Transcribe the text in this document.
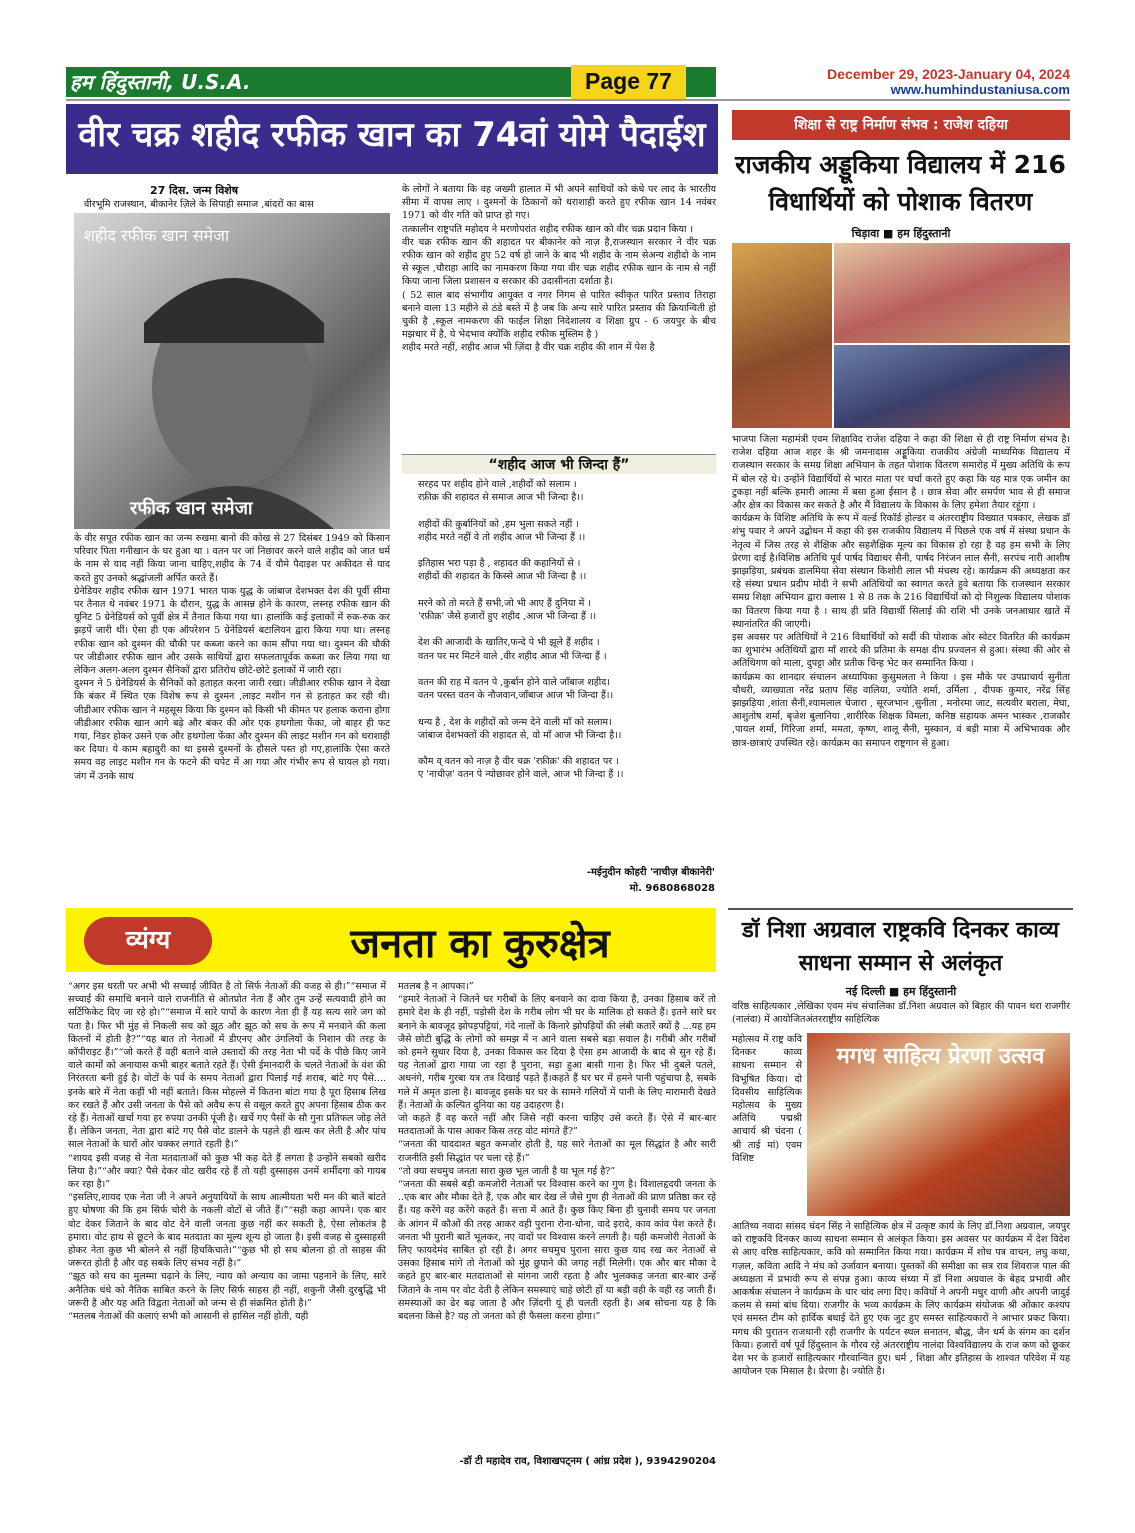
हम हिंदुस्तानी, U.S.A.	Page 77	December 29, 2023-January 04, 2024
www.humhindustaniusa.com
वीर चक्र शहीद रफीक खान का 74वां योमे पैदाईश
27 दिस. जन्म विशेष
वीरभूमि राजस्थान, बीकानेर ज़िले के सिपाही समाज ,बांदरों का बास
शहीद रफीक खान समेजा
रफीक खान समेजा
के वीर सपूत रफीक खान का जन्म रुखमा बानो की कोख से 27 दिसंबर 1949 को किसान परिवार पिता गनीखान के घर हुआ था । वतन पर जां निछावर करने वाले शहीद को जात धर्म के नाम से याद नहीं किया जाना चाहिए,शहीद के 74 वें यौमे पैदाइश पर अकीदत से याद करते हुए उनको श्रद्धांजली अर्पित करते हैं।
ग्रेनेडियर शहीद रफीक खान 1971 भारत पाक युद्ध के जांबाज देशभक्त देश की पूर्वी सीमा पर तैनात थे नवंबर 1971 के दौरान, युद्ध के आसन्न होने के कारण, लस्नह रफीक खान की यूनिट 5 ग्रेनेडियर्स को पूर्वी क्षेत्र में तैनात किया गया था। हालांकि कई इलाकों में रुक-रुक कर झड़पें जारी थीं। ऐसा ही एक ऑपरेशन 5 ग्रेनेडियर्स बटालियन द्वारा किया गया था। लस्नह रफीक खान को दुश्मन की चौकी पर कब्जा करने का काम सौंपा गया था। दुश्मन की चौकी पर जीडीआर रफीक खान और उसके साथियों द्वारा सफलतापूर्वक कब्जा कर लिया गया था लेकिन अलग-अलग दुश्मन सैनिकों द्वारा प्रतिरोध छोटे-छोटे इलाकों में जारी रहा।
दुश्मन ने 5 ग्रेनेडियर्स के सैनिकों को हताहत करना जारी रखा। जीडीआर रफीक खान ने देखा कि बंकर में स्थित एक विशेष रूप से दुश्मन ,लाइट मशीन गन से हताहत कर रही थी। जीडीआर रफीक खान ने महसूस किया कि दुश्मन को किसी भी कीमत पर हलाक कराना होगा जीडीआर रफीक खान आगे बढ़े और बंकर की ओर एक हथगोला फेंका, जो बाहर ही फट गया, निडर होकर उसने एक और हथगोला फेंका और दुश्मन की लाइट मशीन गन को धराशाही कर दिया। ये काम बहादुरी का था इससे दुश्मनों के हौसले पस्त हो गए,हालांकि ऐसा करते समय वह लाइट मशीन गन के फटने की चपेट में आ गया और गंभीर रूप से घायल हो गया। जंग में उनके साथ
के लोगों ने बताया कि वह जख्मी हालात में भी अपने साथियों को कंधे पर लाद के भारतीय सीमा में वापस लाए । दुश्मनों के ठिकानों को धराशाही करते हुए रफीक खान 14 नवंबर 1971 को वीर गति को प्राप्त हो गए।
तत्कालीन राष्ट्रपति महोदय ने मरणोपरांत शहीद रफीक खान को वीर चक्र प्रदान किया ।
वीर चक्र रफीक खान की शहादत पर बीकानेर को नाज़ है,राजस्थान सरकार ने वीर चक्र रफीक खान को शहीद हुए 52 वर्ष हो जाने के बाद भी शहीद के नाम सेअन्य शहीदो के नाम से स्कूल ,चौराहा आदि का नामकरण किया गया वीर चक्र शहीद रफीक खान के नाम से नहीं किया जाना जिला प्रशासन व सरकार की उदासीनता दर्शाता है।
( 52 साल बाद संभागीय आयुक्त व नगर निगम से पारित स्वीकृत पारित प्रस्ताव तिराहा बनाने वाला 13 महीने से ठंडे बस्ते में है जब कि अन्य सारे पारित प्रस्ताव की क्रियान्विती हो चुकी है ,स्कूल नामकरण की फाईल शिक्षा निदेशालय व शिक्षा ग्रुप - 6 जयपुर के बीच मझधार में है, ये भेदभाव क्योंकि शहीद रफीक मुस्लिम है )
शहीद मरते नहीं, शहीद आज भी ज़िंदा है वीर चक्र शहीद की शान में पेश है
“शहीद आज भी जिन्दा हैं”
सरहद पर शहीद होने वाले ,शहीदों को सलाम ।
रफ़ीक़ की शहादत से समाज आज भी जिन्दा है।।

शहीदों की कुर्बानियों को ,हम भुला सकते नहीं ।
शहीद मरते नहीं वे तो शहीद आज भी जिन्दा हैं ।।

इतिहास भरा पड़ा है , शहादत की कहानियों से ।
शहीदों की शहादत के किस्से आज भी जिन्दा है ।।

मरने को तो मरते हैं सभी,जो भी आए हैं दुनिया में ।
'रफ़ीक़' जैसे हजारों हुए शहीद ,आज भी जिन्दा हैं ।।

देश की आजादी के खातिर,फन्दे पे भी झूले हैं शहीद ।
वतन पर मर मिटने वाले ,वीर शहीद आज भी जिन्दा हैं ।

वतन की राह में वतन पे ,कुर्बान होने वाले जाँबाज शहीद।
वतन परस्त वतन के नौजवान,जाँबाज आज भी जिन्दा हैं।।

धन्य है , देश के शहीदों को जन्म देने वाली माँ को सलाम।
जांबाज देशभक्तों की शहादत से, वो माँ आज भी जिन्दा है।।

कौम व् वतन को नाज़ है वीर चक्र 'रफ़ीक़' की शहादत पर ।
ए 'नाचीज़' वतन पे न्योछावर होने वाले, आज भी जिन्दा हैं ।।
-मईनुदीन कोहरी 'नाचीज़ बीकानेरी'
मो. 9680868028
शिक्षा से राष्ट्र निर्माण संभव : राजेश दहिया
राजकीय अड्डूकिया विद्यालय में 216 विधार्थियों को पोशाक वितरण
चिड़ावा ■ हम हिंदुस्तानी
भाजपा जिला महामंत्री एवम शिक्षाविद राजेश दहिया ने कहा की शिक्षा से ही राष्ट्र निर्माण संभव है। राजेश दहिया आज शहर के श्री जमनादास अड्डूकिया राजकीय अंग्रेजी माध्यमिक विद्यालय में राजस्थान सरकार के समग्र शिक्षा अभियान के तहत पोशाक वितरण समारोह में मुख्य अतिथि के रूप में बोल रहे थे। उन्होंने विद्यार्थियों से भारत माता पर चर्चा करते हुए कहा कि यह मात्र एक जमीन का टुकड़ा नहीं बल्कि हमारी आत्मा में बसा हुआ ईसान है । छात्र सेवा और समर्पण भाव से ही समाज और क्षेत्र का विकास कर सकते है और मैं विद्यालय के विकास के लिए हमेशा तैयार रहूंगा ।
कार्यक्रम के विशिष्ट अतिथि के रूप में वर्ल्ड रिकॉर्ड होल्डर व अंतरराष्ट्रीय विख्यात पत्रकार, लेखक डॉ शंभु पवार ने अपने उद्बोधन में कहा की इस राजकीय विद्यालय में पिछले एक वर्ष में संस्था प्रधान के नेतृत्व में जिस तरह से शैक्षिक और सहशैक्षिक मूल्य का विकास हो रहा है वह हम सभी के लिए प्रेरणा दाई है।विशिष्ठ अतिथि पूर्व पार्षद विद्याधर सैनी, पार्षद निरंजन लाल सैनी, सरपंच नारी आशीष झाझड़िया, प्रबंधक डालमिया सेवा संस्थान किशोरी लाल भी मंचस्थ रहे। कार्यक्रम की अध्यक्षता कर रहे संस्था प्रधान प्रदीप मोदी ने सभी अतिथियों का स्वागत करते हुवे बताया कि राजस्थान सरकार समग्र शिक्षा अभियान द्वारा क्लास 1 से 8 तक के 216 विद्यार्थियों को दो निशुल्क विद्यालय पोशाक का वितरण किया गया है । साथ ही प्रति विद्यार्थी सिलाई की राशि भी उनके जनआधार खाते में स्थानांतरित की जाएगी।
इस अवसर पर अतिथियों ने 216 विधार्थियों को सर्दी की पोशाक ओर स्वेटर वितरित की कार्यक्रम का शुभारंभ अतिथियों द्वारा माँ शारदे की प्रतिमा के समक्ष दीप प्रज्वलन से हुआ। संस्था की ओर से अतिथिगण को माला, दुपट्टा और प्रतीक चिन्ह भेट कर सम्मानित किया ।
कार्यक्रम का शानदार संचालन अध्यापिका कुसुमलता ने किया । इस मौके पर उपप्राचार्य सुनीता चौधरी, व्याख्याता नरेंद्र प्रताप सिंह वालिया, ज्योति शर्मा, उर्मिला , दीपक कुमार, नरेंद्र सिंह झाझड़िया ,शांता सैनी,श्यामलाल चेजारा , सूरजभान ,सुनीता , मनोरमा जाट, सत्यवीर बराला, मेघा, आशुतोष शर्मा, बृजेश बुलानिया ,शारीरिक शिक्षक विमला, कनिष्ठ सहायक अमन भास्कर ,राजकौर ,पायल शर्मा, गिरिजा शर्मा, ममता, कृष्ण, शालू सैनी, मुस्कान, वं बड़ी मात्रा में अभिभावक और छात्र-छात्राएं उपस्थित रहे। कार्यक्रम का समापन राष्ट्रगान से हुआ।
व्यंग्य	जनता का कुरुक्षेत्र
“अगर इस धरती पर अभी भी सच्चाई जीवित है तो सिर्फ नेताओं की वजह से ही।”“समाज में सच्चाई की समाधि बनाने वाले राजनीति से ओतप्रोत नेता हैं और तुम उन्हें सत्यवादी होने का सर्टिफिकेट दिए जा रहे हो।”“समाज में सारे पापों के कारण नेता ही हैं यह सत्य सारे जग को पता है। फिर भी मुंह से निकली सच को झूठ और झूठ को सच के रूप में मनवाने की कला कितनों में होती है?”“यह बात तो नेताओं में डीएनए और उंगलियों के निशान की तरह के कॉपीराइट हैं।”“जो करते हैं वही बताने वाले उस्तादों की तरह नेता भी पर्दे के पीछे किए जाने वाले कामों को अनायास कभी बाहर बताते रहते हैं। ऐसी ईमानदारी के चलते नेताओं के वंश की निरंतरता बनी हुई है। वोटों के पर्व के समय नेताओं द्वारा पिलाई गई शराब, बांटे गए पैसे.... इनके बारे में नेता कहीं भी नहीं बताते। किस मोहल्ले में कितना बांटा गया है पूरा हिसाब लिख कर रखते हैं और उसी जनता के पैसे को अवैध रूप से वसूल करते हुए अपना हिसाब ठीक कर रहे हैं। नेताओं खर्चा गया हर रुपया उनकी पूंजी है। खर्चे गए पैसों के सौ गुना प्रतिफल जोड़ लेते हैं। लेकिन जनता, नेता द्वारा बांटे गए पैसे वोट डालने के पहले ही खत्म कर लेती है और पांच साल नेताओं के चारों ओर चक्कर लगाते रहती है।”
“शायद इसी वजह से नेता मतदाताओं को कुछ भी कह देते हैं लगता है उन्होंने सबको खरीद लिया है।”“और क्या? पैसे देकर वोट खरीद रहे हैं तो यही दुस्साहस उनमें शर्मीदगा को गायब कर रहा है।”
“इसलिए,शायद एक नेता जी ने अपने अनुयायियों के साथ आत्मीयता भरी मन की बातें बांटते हुए घोषणा की कि हम सिर्फ चोरी के नकली वोटों से जीते हैं।”“सही कहा आपने। एक बार वोट देकर जिताने के बाद वोट देने वाली जनता कुछ नहीं कर सकती है, ऐसा लोकतंत्र है हमारा। वोट हाथ से छूटने के बाद मतदाता का मूल्य शून्य हो जाता है। इसी वजह से दुस्साहसी होकर नेता कुछ भी बोलने से नहीं हिचकिचाते।”“कुछ भी हो सच बोलना हो तो साहस की जरूरत होती है और वह सबके लिए संभव नहीं है।”
“झूठ को सच का मुलम्मा चढ़ाने के लिए, न्याय को अन्याय का जामा पहनाने के लिए, सारे अनैतिक धंधे को नैतिक साबित करने के लिए सिर्फ साहस ही नहीं, शकुनी जैसी दुरबुद्धि भी जरूरी है और यह अति विद्वता नेताओं को जन्म से ही संक्रमित होती है।”
“मतलब नेताओं की कलाएं सभी को आसानी से हासिल नहीं होती, यही
मतलब है न आपका।”
“हमारे नेताओं ने जितने घर गरीबों के लिए बनवाने का दावा किया है, उनका हिसाब करें तो हमारे देश के ही नहीं, पड़ोसी देश के गरीब लोग भी घर के मालिक हो सकते हैं। इतने सारे घर बनाने के बावजूद झोपड़पट्टियां, गंदे नालों के किनारे झोपड़ियों की लंबी कतारें क्यों है ...यह हम जैसे छोटी बुद्धि के लोगों को समझ में न आने वाला सबसे बड़ा सवाल है। गरीबी और गरीबों को हमने सुधार दिया है, उनका विकास कर दिया है ऐसा हम आजादी के बाद से सुन रहे हैं। यह नेताओं द्वारा गाया जा रहा है पुराना, सड़ा हुआ बासी गाना है। फिर भी दुबले पतले, अधनंगे, गरीब गुरबा यत्र तत्र दिखाई पड़ते हैं।कहते हैं घर घर में हमने पानी पहुंचाया है, सबके गले में अमृत डाला है। बावजूद इसके घर घर के सामने गलियों में पानी के लिए मारामारी देखते हैं। नेताओं के कल्पित दुनिया का यह उदाहरण है।
जो कहते हैं वह करते नहीं और जिसे नहीं करना चाहिए उसे करते हैं। ऐसे में बार-बार मतदाताओं के पास आकर किस तरह वोट मांगते हैं?”
“जनता की याददाश्त बहुत कमजोर होती है, यह सारे नेताओं का मूल सिद्धांत है और सारी राजनीति इसी सिद्धांत पर चला रहे हैं।”
“तो क्या सचमुच जनता सारा कुछ भूल जाती है या भूल गई है?”
“जनता की सबसे बड़ी कमजोरी नेताओं पर विश्वास करने का गुण है। विशालहृदयी जनता के ..एक बार और मौका देते हैं, एक और बार देख लें जैसे गुण ही नेताओं की प्राण प्रतिष्ठा कर रहे हैं। यह करेंगे वह करेंगे कहते हैं। सत्ता में आते हैं। कुछ किए बिना ही चुनावी समय पर जनता के आंगन में कौओं की तरह आकर वही पुराना रोना-धोना, वादे इरादे, काव कांव पेश करते हैं। जनता भी पुरानी बातें भूलकर, नए वादों पर विश्वास करने लगती है। यही कमजोरी नेताओं के लिए फायदेमंद साबित हो रही है। अगर सचमुच पुराना सारा कुछ याद रख कर नेताओं से उसका हिसाब मांगे तो नेताओं को मुंह छुपाने की जगह नहीं मिलेगी। एक और बार मौका दे कहते हुए बार-बार मतदाताओं से मांगना जारी रहता है और भुलक्कड़ जनता बार-बार उन्हें जिताने के नाम पर वोट देती है लेकिन समस्याएं चाहे छोटी हों या बड़ी वही के वही रह जाती हैं। समस्याओं का ढेर बढ़ जाता है और ज़िंदगी यूं ही चलती रहती है। अब सोचना यह है कि बदलना किसे है? यह तो जनता को ही फैसला करना होगा।”
-डॉ टी महादेव राव, विशाखपट्नम ( आंध्र प्रदेश ), 9394290204
डॉ निशा अग्रवाल राष्ट्रकवि दिनकर काव्य साधना सम्मान से अलंकृत
नई दिल्ली ■ हम हिंदुस्तानी
वरिष्ठ साहित्यकार ,लेखिका एवम मंच संचालिका डॉ.निशा अग्रवाल को बिहार की पावन धरा राजगीर (नालंदा) में आयोजितअंतरराष्ट्रीय साहित्यिक
महोत्सव में राष्ट्र कवि दिनकर काव्य साधना सम्मान से विभूषित किया। दो दिवसीय साहित्यिक महोत्सव के मुख्य अतिथि पद्मश्री आचार्य श्री चंदना ( श्री ताई मां) एवम विशिष्ट
मगध साहित्य प्रेरणा उत्सव
आतिथ्य नवादा सांसद चंदन सिंह ने साहित्यिक क्षेत्र में उत्कृष्ट कार्य के लिए डॉ.निशा अग्रवाल, जयपुर को राष्ट्रकवि दिनकर काव्य साधना सम्मान से अलंकृत किया। इस अवसर पर कार्यक्रम में देश विदेश से आए वरिष्ठ साहित्यकार, कवि को सम्मानित किया गया। कार्यक्रम में शोध पत्र वाचन, लघु कथा, गज़ल, कविता आदि ने मंच को उर्जावान बनाया। पुस्तकों की समीक्षा का सत्र राव शिवराज पाल की अध्यक्षता में प्रभावी रूप से संपन्न हुआ। काव्य संध्या में डॉ निशा अग्रवाल के बेहद प्रभावी और आकर्षक संचालन ने कार्यक्रम के चार चांद लगा दिए। कवियों ने अपनी मधुर वाणी और अपनी जादुई कलम से समां बांध दिया। राजगीर के भव्य कार्यक्रम के लिए कार्यक्रम संयोजक श्री ओंकार कश्यप एवं समस्त टीम को हार्दिक बधाई देते हुए एक जुट हुए समस्त साहित्यकारों ने आभार प्रकट किया। मगध की पुरातन राजधानी रही राजगीर के पर्यटन स्थल सनातन, बौद्ध, जैन धर्म के संगम का दर्शन किया। हजारों वर्ष पूर्व हिंदुस्तान के गौरव रहे अंतरराष्ट्रीय नालंदा विश्वविद्यालय के राज कण को छूकर देश भर के हजारों साहित्यकार गौरवान्वित हुए। धर्म , शिक्षा और इतिहास के शाश्वत परिवेश में यह आयोजन एक मिसाल है। प्रेरणा है। ज्योति है।
